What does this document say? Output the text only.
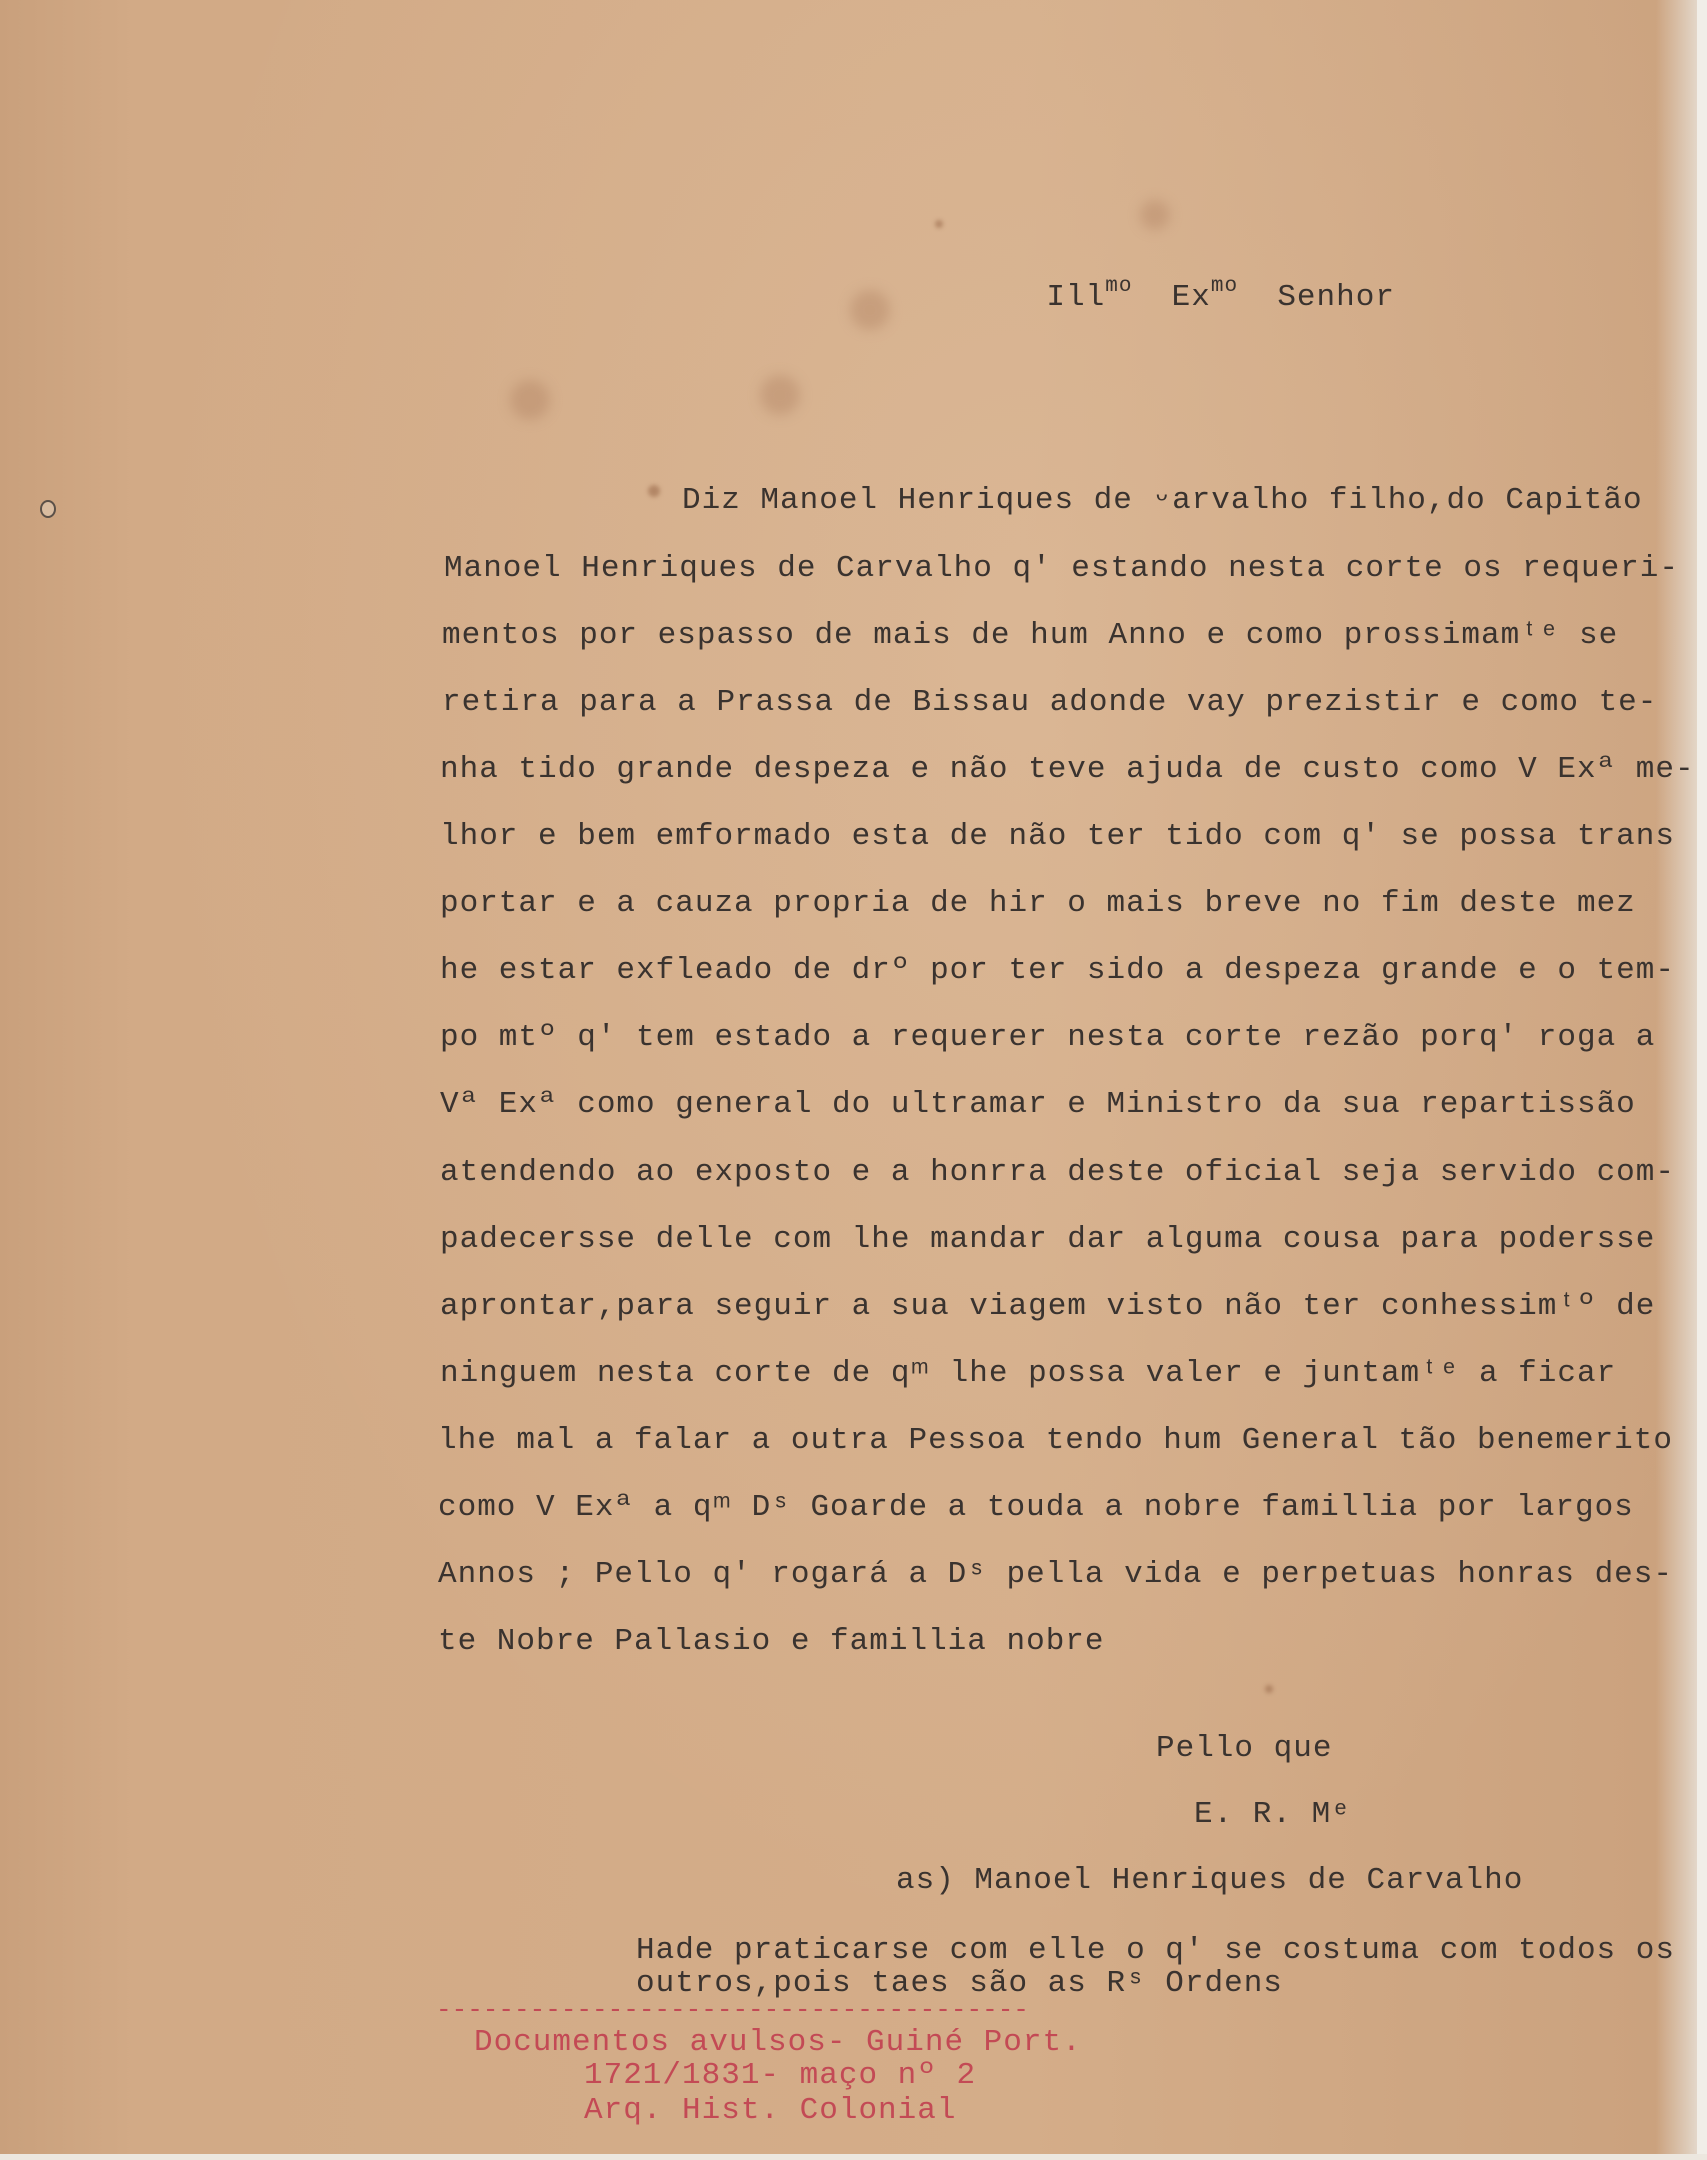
Ill$^{mo}$ $Ex^{mo}$ Senhor

Diz Manoel Henriques de ᵕarvalho filho,do Capitão
Manoel Henriques de Carvalho q' estando nesta corte os requeri-
mentos por espasso de mais de hum Anno e como prossimamᵗᵉ se
retira para a Prassa de Bissau adonde vay prezistir e como te-
nha tido grande despeza e não teve ajuda de custo como V Exª me-
lhor e bem emformado esta de não ter tido com q' se possa trans
portar e a cauza propria de hir o mais breve no fim deste mez
he estar exfleado de drº por ter sido a despeza grande e o tem-
po mtº q' tem estado a requerer nesta corte rezão porq' roga a
Vª Exª como general do ultramar e Ministro da sua repartissão
atendendo ao exposto e a honrra deste oficial seja servido com-
padecersse delle com lhe mandar dar alguma cousa para podersse
aprontar,para seguir a sua viagem visto não ter conhessimᵗº de
ninguem nesta corte de qᵐ lhe possa valer e juntamᵗᵉ a ficar
lhe mal a falar a outra Pessoa tendo hum General tão benemerito
como V Exª a qᵐ Dˢ Goarde a touda a nobre famillia por largos
Annos ; Pello q' rogará a Dˢ pella vida e perpetuas honras des-
te Nobre Pallasio e famillia nobre
Pello que
E. R. Mᵉ
as) Manoel Henriques de Carvalho
Hade praticarse com elle o q' se costuma com todos os
outros,pois taes são as Rˢ Ordens
--------------------------------------
Documentos avulsos- Guiné Port.
1721/1831- maço nº 2
Arq. Hist. Colonial
